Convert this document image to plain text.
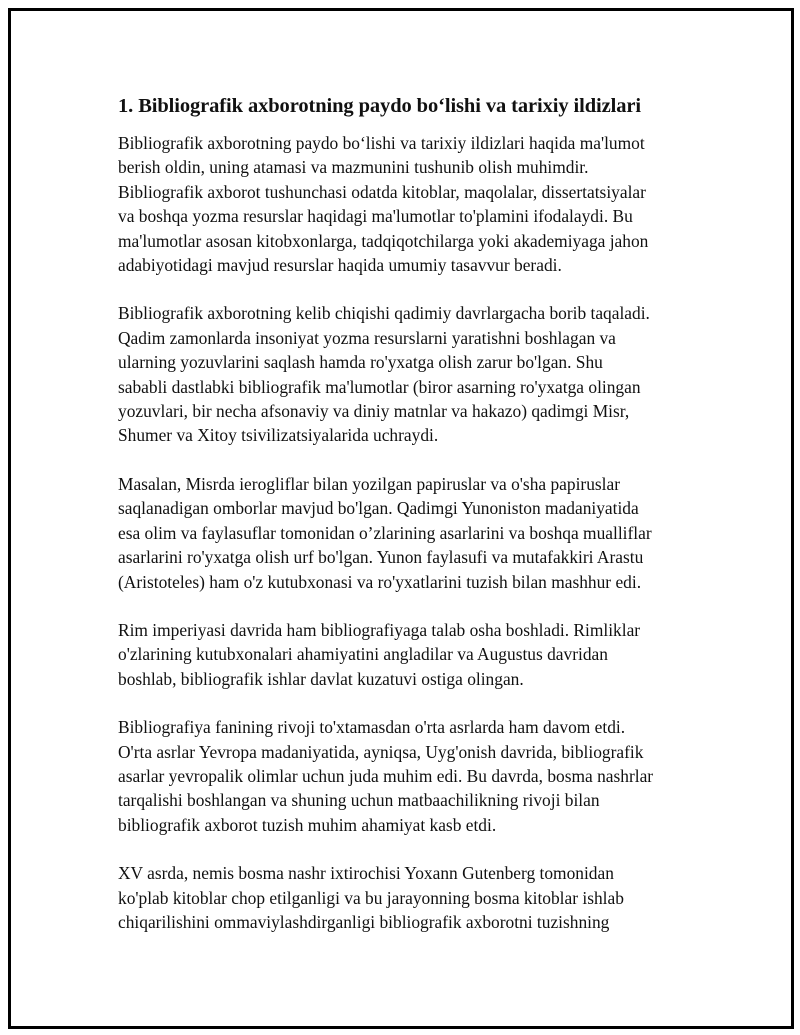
1. Bibliografik axborotning paydo bo‘lishi va tarixiy ildizlari

Bibliografik axborotning paydo bo‘lishi va tarixiy ildizlari haqida ma'lumot
berish oldin, uning atamasi va mazmunini tushunib olish muhimdir.
Bibliografik axborot tushunchasi odatda kitoblar, maqolalar, dissertatsiyalar
va boshqa yozma resurslar haqidagi ma'lumotlar to'plamini ifodalaydi. Bu
ma'lumotlar asosan kitobxonlarga, tadqiqotchilarga yoki akademiyaga jahon
adabiyotidagi mavjud resurslar haqida umumiy tasavvur beradi.

Bibliografik axborotning kelib chiqishi qadimiy davrlargacha borib taqaladi.
Qadim zamonlarda insoniyat yozma resurslarni yaratishni boshlagan va
ularning yozuvlarini saqlash hamda ro'yxatga olish zarur bo'lgan. Shu
sababli dastlabki bibliografik ma'lumotlar (biror asarning ro'yxatga olingan
yozuvlari, bir necha afsonaviy va diniy matnlar va hakazo) qadimgi Misr,
Shumer va Xitoy tsivilizatsiyalarida uchraydi.

Masalan, Misrda ierogliflar bilan yozilgan papiruslar va o'sha papiruslar
saqlanadigan omborlar mavjud bo'lgan. Qadimgi Yunoniston madaniyatida
esa olim va faylasuflar tomonidan o’zlarining asarlarini va boshqa mualliflar
asarlarini ro'yxatga olish urf bo'lgan. Yunon faylasufi va mutafakkiri Arastu
(Aristoteles) ham o'z kutubxonasi va ro'yxatlarini tuzish bilan mashhur edi.

Rim imperiyasi davrida ham bibliografiyaga talab osha boshladi. Rimliklar
o'zlarining kutubxonalari ahamiyatini angladilar va Augustus davridan
boshlab, bibliografik ishlar davlat kuzatuvi ostiga olingan.

Bibliografiya fanining rivoji to'xtamasdan o'rta asrlarda ham davom etdi.
O'rta asrlar Yevropa madaniyatida, ayniqsa, Uyg'onish davrida, bibliografik
asarlar yevropalik olimlar uchun juda muhim edi. Bu davrda, bosma nashrlar
tarqalishi boshlangan va shuning uchun matbaachilikning rivoji bilan
bibliografik axborot tuzish muhim ahamiyat kasb etdi.

XV asrda, nemis bosma nashr ixtirochisi Yoxann Gutenberg tomonidan
ko'plab kitoblar chop etilganligi va bu jarayonning bosma kitoblar ishlab
chiqarilishini ommaviylashdirganligi bibliografik axborotni tuzishning
